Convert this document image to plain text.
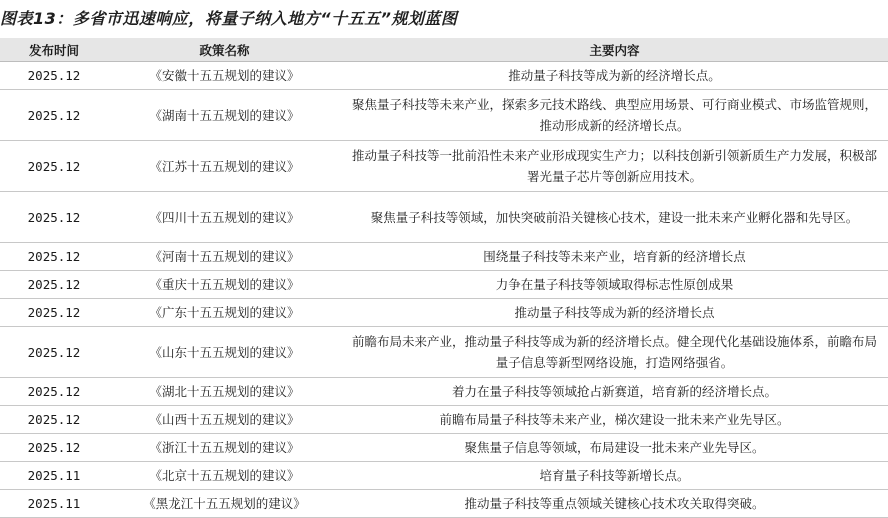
图表13：多省市迅速响应，将量子纳入地方“十五五”规划蓝图
发布时间	政策名称	主要内容
2025.12	《安徽十五五规划的建议》	推动量子科技等成为新的经济增长点。
2025.12	《湖南十五五规划的建议》	聚焦量子科技等未来产业，探索多元技术路线、典型应用场景、可行商业模式、市场监管规则，推动形成新的经济增长点。
2025.12	《江苏十五五规划的建议》	推动量子科技等一批前沿性未来产业形成现实生产力；以科技创新引领新质生产力发展，积极部署光量子芯片等创新应用技术。
2025.12	《四川十五五规划的建议》	聚焦量子科技等领域，加快突破前沿关键核心技术，建设一批未来产业孵化器和先导区。
2025.12	《河南十五五规划的建议》	围绕量子科技等未来产业，培育新的经济增长点
2025.12	《重庆十五五规划的建议》	力争在量子科技等领域取得标志性原创成果
2025.12	《广东十五五规划的建议》	推动量子科技等成为新的经济增长点
2025.12	《山东十五五规划的建议》	前瞻布局未来产业，推动量子科技等成为新的经济增长点。健全现代化基础设施体系，前瞻布局量子信息等新型网络设施，打造网络强省。
2025.12	《湖北十五五规划的建议》	着力在量子科技等领域抢占新赛道，培育新的经济增长点。
2025.12	《山西十五五规划的建议》	前瞻布局量子科技等未来产业，梯次建设一批未来产业先导区。
2025.12	《浙江十五五规划的建议》	聚焦量子信息等领域，布局建设一批未来产业先导区。
2025.11	《北京十五五规划的建议》	培育量子科技等新增长点。
2025.11	《黑龙江十五五规划的建议》	推动量子科技等重点领域关键核心技术攻关取得突破。
